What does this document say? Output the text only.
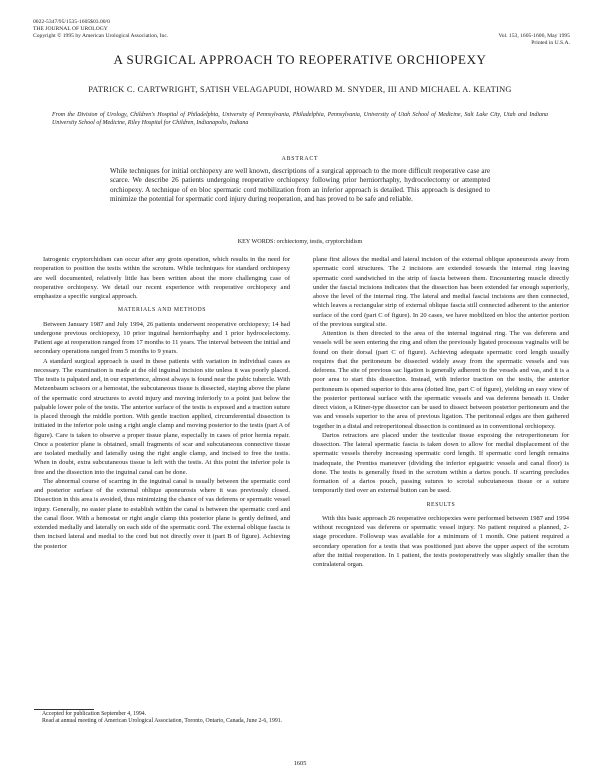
0022-5347/95/1535-1605$03.00/0
THE JOURNAL OF UROLOGY
Copyright © 1995 by American Urological Association, Inc.	Vol. 153, 1605-1606, May 1995
Printed in U.S.A.
A SURGICAL APPROACH TO REOPERATIVE ORCHIOPEXY
PATRICK C. CARTWRIGHT, SATISH VELAGAPUDI, HOWARD M. SNYDER, III AND MICHAEL A. KEATING
From the Division of Urology, Children's Hospital of Philadelphia, University of Pennsylvania, Philadelphia, Pennsylvania, University of Utah School of Medicine, Salt Lake City, Utah and Indiana University School of Medicine, Riley Hospital for Children, Indianapolis, Indiana
ABSTRACT
While techniques for initial orchiopexy are well known, descriptions of a surgical approach to the more difficult reoperative case are scarce. We describe 26 patients undergoing reoperative orchiopexy following prior herniorrhaphy, hydrocelectomy or attempted orchiopexy. A technique of en bloc spermatic cord mobilization from an inferior approach is detailed. This approach is designed to minimize the potential for spermatic cord injury during reoperation, and has proved to be safe and reliable.
KEY WORDS: orchiectomy, testis, cryptorchidism

Iatrogenic cryptorchidism can occur after any groin operation, which results in the need for reoperation to position the testis within the scrotum. While techniques for standard orchiopexy are well documented, relatively little has been written about the more challenging case of reoperative orchiopexy. We detail our recent experience with reoperative orchiopexy and emphasize a specific surgical approach.

MATERIALS AND METHODS

Between January 1987 and July 1994, 26 patients underwent reoperative orchiopexy; 14 had undergone previous orchiopexy, 10 prior inguinal herniorrhaphy and 1 prior hydrocelectomy. Patient age at reoperation ranged from 17 months to 11 years. The interval between the initial and secondary operations ranged from 5 months to 9 years.

A standard surgical approach is used in these patients with variation in individual cases as necessary. The examination is made at the old inguinal incision site unless it was poorly placed. The testis is palpated and, in our experience, almost always is found near the pubic tubercle. With Metzenbaum scissors or a hemostat, the subcutaneous tissue is dissected, staying above the plane of the spermatic cord structures to avoid injury and moving inferiorly to a point just below the palpable lower pole of the testis. The anterior surface of the testis is exposed and a traction suture is placed through the middle portion. With gentle traction applied, circumferential dissection is initiated in the inferior pole using a right angle clamp and moving posterior to the testis (part A of figure). Care is taken to observe a proper tissue plane, especially in cases of prior hernia repair. Once a posterior plane is obtained, small fragments of scar and subcutaneous connective tissue are isolated medially and laterally using the right angle clamp, and incised to free the testis. When in doubt, extra subcutaneous tissue is left with the testis. At this point the inferior pole is free and the dissection into the inguinal canal can be done.

The abnormal course of scarring in the inguinal canal is usually between the spermatic cord and posterior surface of the external oblique aponeurosis where it was previously closed. Dissection in this area is avoided, thus minimizing the chance of vas deferens or spermatic vessel injury. Generally, no easier plane to establish within the canal is between the spermatic cord and the canal floor. With a hemostat or right angle clamp this posterior plane is gently defined, and extended medially and laterally on each side of the spermatic cord. The external oblique fascia is then incised lateral and medial to the cord but not directly over it (part B of figure). Achieving the posterior

Accepted for publication September 4, 1994.
Read at annual meeting of American Urological Association, Toronto, Ontario, Canada, June 2-6, 1991.

plane first allows the medial and lateral incision of the external oblique aponeurosis away from spermatic cord structures. The 2 incisions are extended towards the internal ring leaving spermatic cord sandwiched in the strip of fascia between them. Encountering muscle directly under the fascial incisions indicates that the dissection has been extended far enough superiorly, above the level of the internal ring. The lateral and medial fascial incisions are then connected, which leaves a rectangular strip of external oblique fascia still connected adherent to the anterior surface of the cord (part C of figure). In 20 cases, we have mobilized en bloc the anterior portion of the previous surgical site.

Attention is then directed to the area of the internal inguinal ring. The vas deferens and vessels will be seen entering the ring and often the previously ligated processus vaginalis will be found on their dorsal (part C of figure). Achieving adequate spermatic cord length usually requires that the peritoneum be dissected widely away from the spermatic vessels and vas deferens. The site of previous sac ligation is generally adherent to the vessels and vas, and it is a poor area to start this dissection. Instead, with inferior traction on the testis, the anterior peritoneum is opened superior to this area (dotted line, part C of figure), yielding an easy view of the posterior peritoneal surface with the spermatic vessels and vas deferens beneath it. Under direct vision, a Kitner-type dissector can be used to dissect between posterior peritoneum and the vas and vessels superior to the area of previous ligation. The peritoneal edges are then gathered together in a distal and retroperitoneal dissection is continued as in conventional orchiopexy.

Dartos retractors are placed under the testicular tissue exposing the retroperitoneum for dissection. The lateral spermatic fascia is taken down to allow for medial displacement of the spermatic vessels thereby increasing spermatic cord length. If spermatic cord length remains inadequate, the Prentiss maneuver (dividing the inferior epigastric vessels and canal floor) is done. The testis is generally fixed in the scrotum within a dartos pouch. If scarring precludes formation of a dartos pouch, passing sutures to scrotal subcutaneous tissue or a suture temporarily tied over an external button can be used.

RESULTS

With this basic approach 26 reoperative orchiopexies were performed between 1987 and 1994 without recognized vas deferens or spermatic vessel injury. No patient required a planned, 2-stage procedure. Followup was available for a minimum of 1 month. One patient required a secondary operation for a testis that was positioned just above the upper aspect of the scrotum after the initial reoperation. In 1 patient, the testis postoperatively was slightly smaller than the contralateral organ.

1605
